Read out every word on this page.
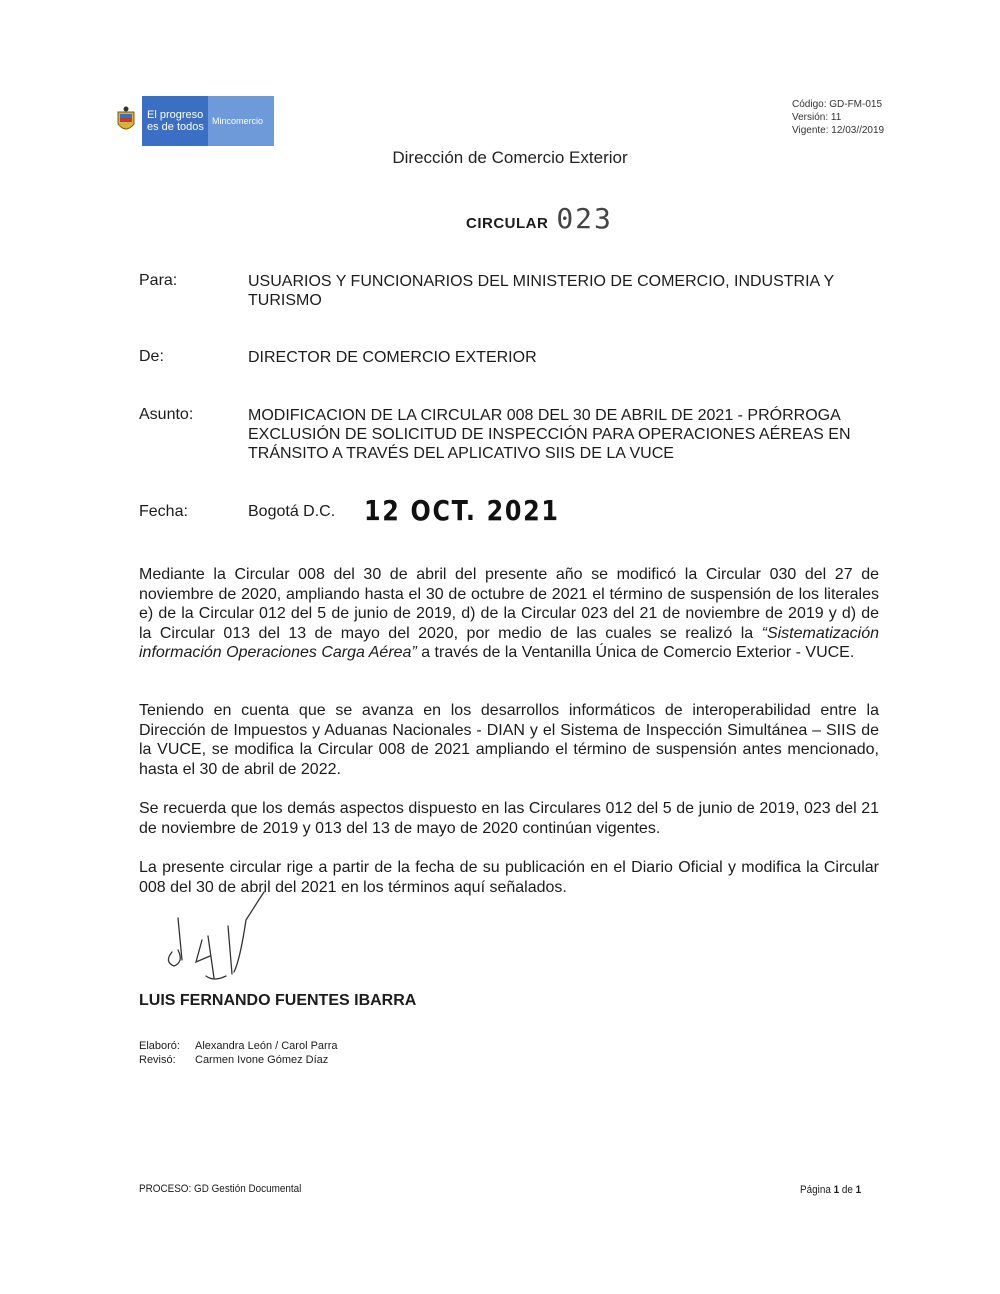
El progreso
es de todos Mincomercio
Código: GD-FM-015
Versión: 11
Vigente: 12/03//2019
Dirección de Comercio Exterior
CIRCULAR 023
Para:	USUARIOS Y FUNCIONARIOS DEL MINISTERIO DE COMERCIO, INDUSTRIA Y TURISMO
De:	DIRECTOR DE COMERCIO EXTERIOR
Asunto:	MODIFICACION DE LA CIRCULAR 008 DEL 30 DE ABRIL DE 2021 - PRÓRROGA EXCLUSIÓN DE SOLICITUD DE INSPECCIÓN PARA OPERACIONES AÉREAS EN TRÁNSITO A TRAVÉS DEL APLICATIVO SIIS DE LA VUCE
Fecha:	Bogotá D.C. 12 OCT. 2021
Mediante la Circular 008 del 30 de abril del presente año se modificó la Circular 030 del 27 de noviembre de 2020, ampliando hasta el 30 de octubre de 2021 el término de suspensión de los literales e) de la Circular 012 del 5 de junio de 2019, d) de la Circular 023 del 21 de noviembre de 2019 y d) de la Circular 013 del 13 de mayo del 2020, por medio de las cuales se realizó la “Sistematización información Operaciones Carga Aérea” a través de la Ventanilla Única de Comercio Exterior - VUCE.
Teniendo en cuenta que se avanza en los desarrollos informáticos de interoperabilidad entre la Dirección de Impuestos y Aduanas Nacionales - DIAN y el Sistema de Inspección Simultánea – SIIS de la VUCE, se modifica la Circular 008 de 2021 ampliando el término de suspensión antes mencionado, hasta el 30 de abril de 2022.
Se recuerda que los demás aspectos dispuesto en las Circulares 012 del 5 de junio de 2019, 023 del 21 de noviembre de 2019 y 013 del 13 de mayo de 2020 continúan vigentes.
La presente circular rige a partir de la fecha de su publicación en el Diario Oficial y modifica la Circular 008 del 30 de abril del 2021 en los términos aquí señalados.
LUIS FERNANDO FUENTES IBARRA
Elaboró: Alexandra León / Carol Parra
Revisó: Carmen Ivone Gómez Díaz
PROCESO: GD Gestión Documental	Página 1 de 1
